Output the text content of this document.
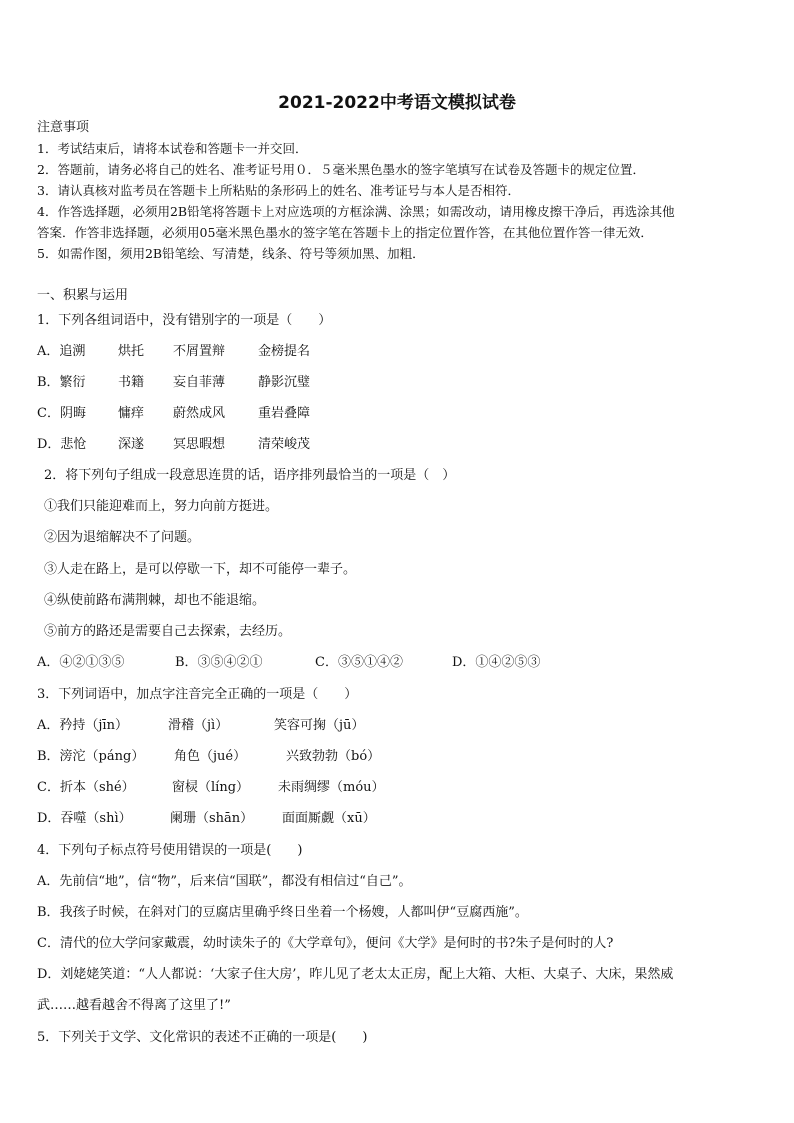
2021-2022中考语文模拟试卷
注意事项
1．考试结束后，请将本试卷和答题卡一并交回．
2．答题前，请务必将自己的姓名、准考证号用０．５毫米黑色墨水的签字笔填写在试卷及答题卡的规定位置．
3．请认真核对监考员在答题卡上所粘贴的条形码上的姓名、准考证号与本人是否相符．
4．作答选择题，必须用2B铅笔将答题卡上对应选项的方框涂满、涂黑；如需改动，请用橡皮擦干净后，再选涂其他
答案．作答非选择题，必须用05毫米黑色墨水的签字笔在答题卡上的指定位置作答，在其他位置作答一律无效．
5．如需作图，须用2B铅笔绘、写清楚，线条、符号等须加黑、加粗．
一、积累与运用
1．下列各组词语中，没有错别字的一项是（　　）
A．追溯	烘托 不屑置辩	金榜提名
B．繁衍 书籍 妄自菲薄	静影沉璧
C．阴晦 慵痒 蔚然成风	重岩叠障
D．悲怆 深遂 冥思暇想	清荣峻茂
2．将下列句子组成一段意思连贯的话，语序排列最恰当的一项是（　）
①我们只能迎难而上，努力向前方挺进。
②因为退缩解决不了问题。
③人走在路上，是可以停歇一下，却不可能停一辈子。
④纵使前路布满荆棘，却也不能退缩。
⑤前方的路还是需要自己去探索，去经历。
A．④②①③⑤	B．③⑤④②①	C．③⑤①④②	D．①④②⑤③
3．下列词语中，加点字注音完全正确的一项是（　　）
A．矜持（jīn）	滑稽（jì）	笑容可掬（jū）
B．滂沱（páng） 角色（jué）	兴致勃勃（bó）
C．折本（shé）	窗棂（líng） 未雨绸缪（móu）
D．吞噬（shì）	阑珊（shān） 面面厮觑（xū）
4．下列句子标点符号使用错误的一项是(　　)
A．先前信“地”，信“物”，后来信“国联”，都没有相信过“自己”。
B．我孩子时候，在斜对门的豆腐店里确乎终日坐着一个杨嫂，人都叫伊“豆腐西施”。
C．清代的位大学问家戴震，幼时读朱子的《大学章句》，便问《大学》是何时的书?朱子是何时的人?
D．刘姥姥笑道：“人人都说：‘大家子住大房’，昨儿见了老太太正房，配上大箱、大柜、大桌子、大床，果然威
武……越看越舍不得离了这里了!”
5．下列关于文学、文化常识的表述不正确的一项是(　　)
